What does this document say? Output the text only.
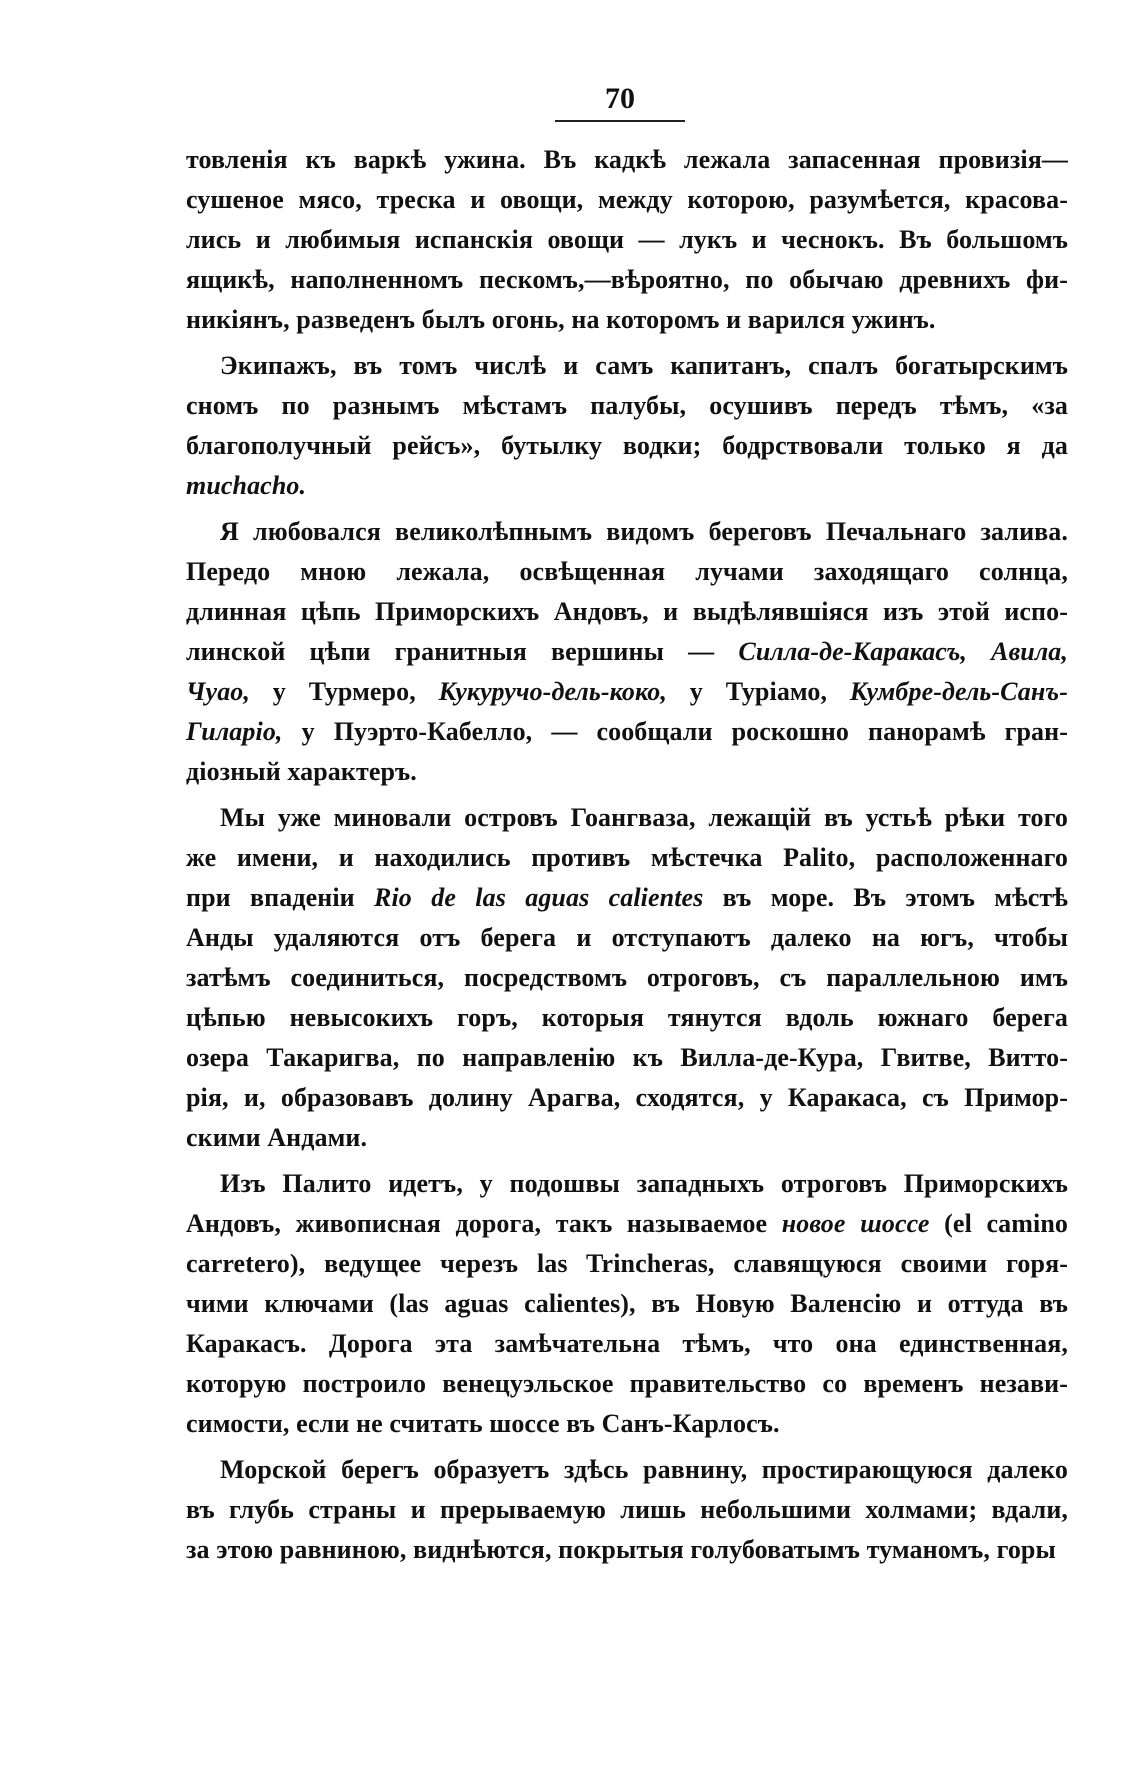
70

товленія къ варкѣ ужина. Въ кадкѣ лежала запасенная провизія—
сушеное мясо, треска и овощи, между которою, разумѣется, красова-
лись и любимыя испанскія овощи — лукъ и чеснокъ. Въ большомъ
ящикѣ, наполненномъ пескомъ,—вѣроятно, по обычаю древнихъ фи-
никіянъ, разведенъ былъ огонь, на которомъ и варился ужинъ.

Экипажъ, въ томъ числѣ и самъ капитанъ, спалъ богатырскимъ
сномъ по разнымъ мѣстамъ палубы, осушивъ передъ тѣмъ, «за
благополучный рейсъ», бутылку водки; бодрствовали только я да
muchacho.

Я любовался великолѣпнымъ видомъ береговъ Печальнаго залива.
Передо мною лежала, освѣщенная лучами заходящаго солнца,
длинная цѣпь Приморскихъ Андовъ, и выдѣлявшіяся изъ этой испо-
линской цѣпи гранитныя вершины — Силла-де-Каракасъ, Авила,
Чуао, у Турмеро, Кукуручо-дель-коко, у Туріамо, Кумбре-дель-Санъ-
Гиларіо, у Пуэрто-Кабелло, — сообщали роскошно панорамѣ гран-
діозный характеръ.

Мы уже миновали островъ Гоангваза, лежащій въ устьѣ рѣки того
же имени, и находились противъ мѣстечка Palito, расположеннаго
при впаденіи Rio de las aguas calientes въ море. Въ этомъ мѣстѣ
Анды удаляются отъ берега и отступаютъ далеко на югъ, чтобы
затѣмъ соединиться, посредствомъ отроговъ, съ параллельною имъ
цѣпью невысокихъ горъ, которыя тянутся вдоль южнаго берега
озера Такаригва, по направленію къ Вилла-де-Кура, Гвитве, Витто-
рія, и, образовавъ долину Арагва, сходятся, у Каракаса, съ Примор-
скими Андами.

Изъ Палито идетъ, у подошвы западныхъ отроговъ Приморскихъ
Андовъ, живописная дорога, такъ называемое новое шоссе (el camino
carretero), ведущее черезъ las Trincheras, славящуюся своими горя-
чими ключами (las aguas calientes), въ Новую Валенсію и оттуда въ
Каракасъ. Дорога эта замѣчательна тѣмъ, что она единственная,
которую построило венецуэльское правительство со временъ незави-
симости, если не считать шоссе въ Санъ-Карлосъ.

Морской берегъ образуетъ здѣсь равнину, простирающуюся далеко
въ глубь страны и прерываемую лишь небольшими холмами; вдали,
за этою равниною, виднѣются, покрытыя голубоватымъ туманомъ, горы
